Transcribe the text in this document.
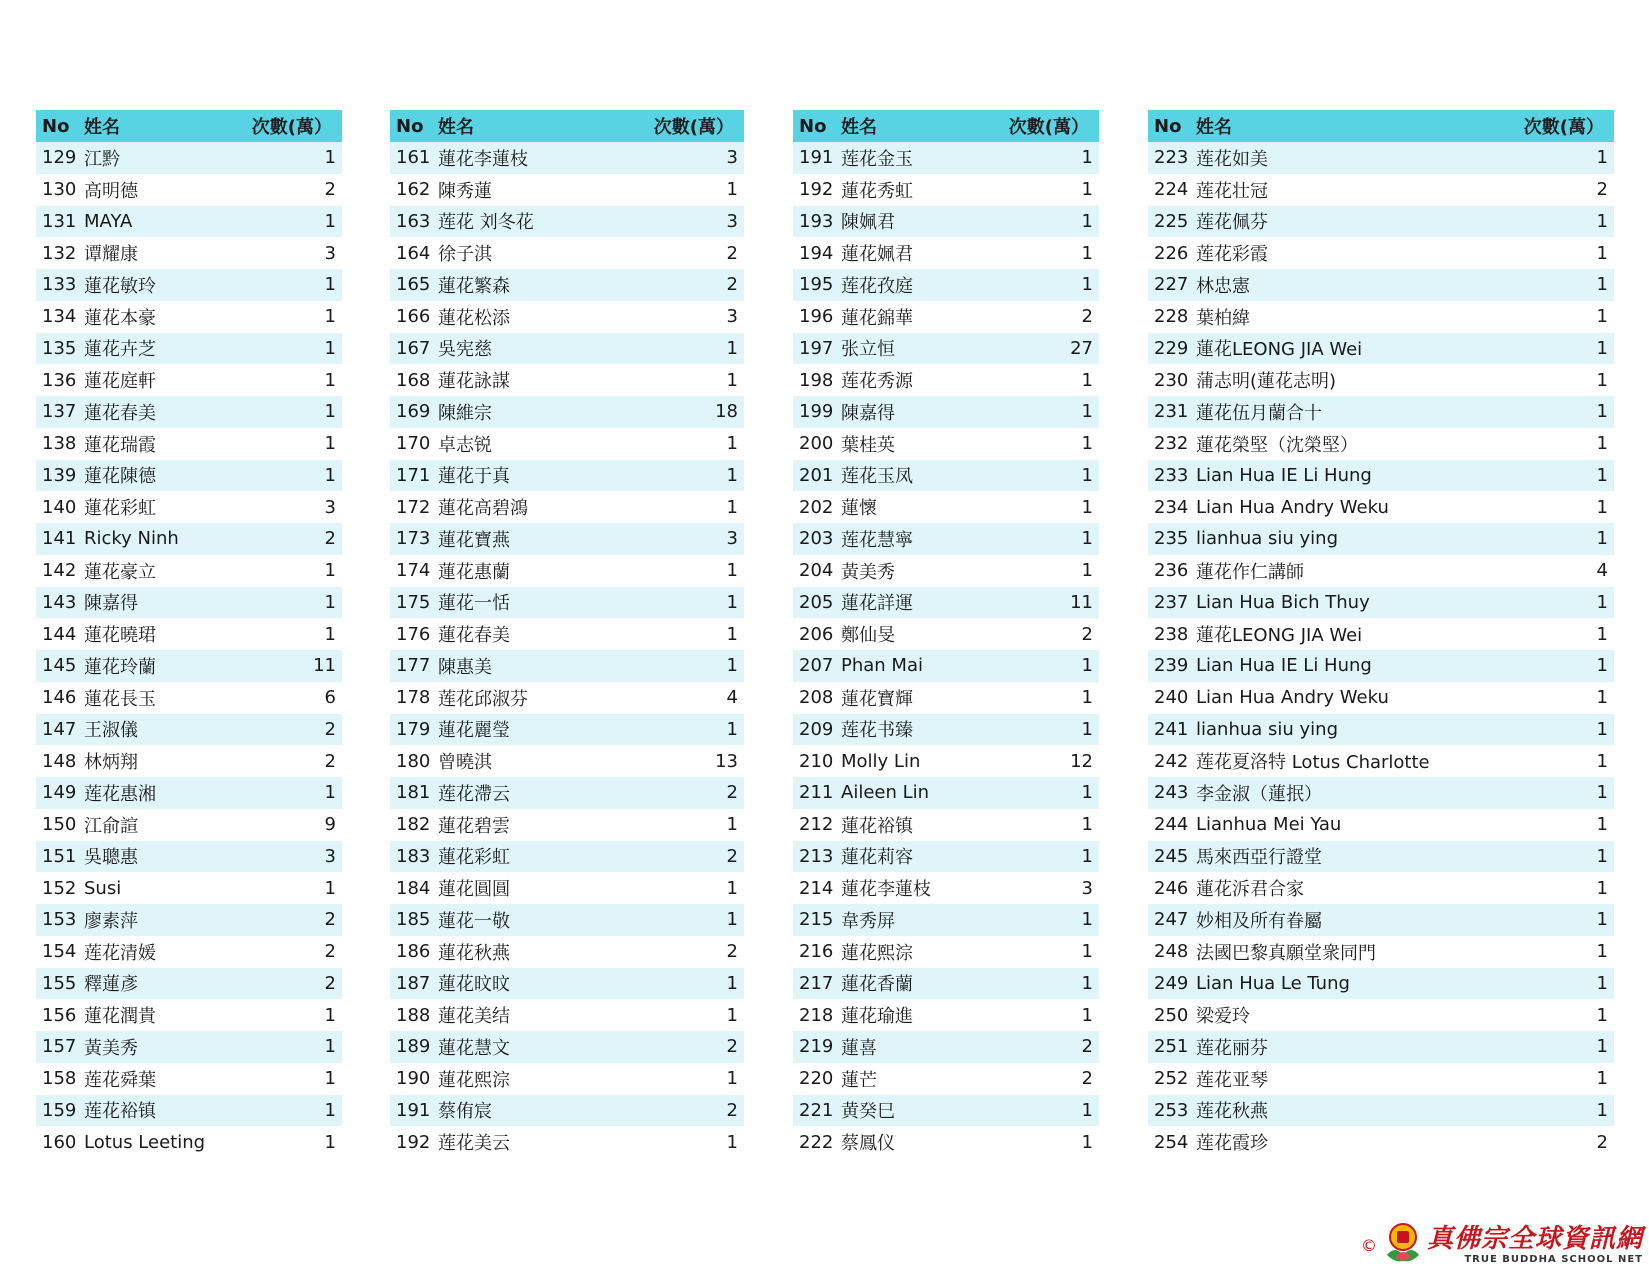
No	姓名	次數(萬）
129	江黔	1
130	高明德	2
131	MAYA	1
132	谭耀康	3
133	蓮花敏玲	1
134	蓮花本豪	1
135	蓮花卉芝	1
136	蓮花庭軒	1
137	蓮花春美	1
138	蓮花瑞霞	1
139	蓮花陳德	1
140	蓮花彩虹	3
141	Ricky Ninh	2
142	蓮花豪立	1
143	陳嘉得	1
144	蓮花曉珺	1
145	蓮花玲蘭	11
146	蓮花長玉	6
147	王淑儀	2
148	林炳翔	2
149	莲花惠湘	1
150	江俞諠	9
151	吳聰惠	3
152	Susi	1
153	廖素萍	2
154	莲花清媛	2
155	釋蓮彥	2
156	蓮花潤貴	1
157	黃美秀	1
158	莲花舜葉	1
159	莲花裕镇	1
160	Lotus Leeting	1
No	姓名	次數(萬）
161	蓮花李蓮枝	3
162	陳秀蓮	1
163	莲花 刘冬花	3
164	徐子淇	2
165	蓮花繁森	2
166	蓮花松添	3
167	吳宪慈	1
168	蓮花詠謀	1
169	陳維宗	18
170	卓志锐	1
171	蓮花于真	1
172	蓮花高碧鴻	1
173	蓮花寶燕	3
174	蓮花惠蘭	1
175	蓮花一恬	1
176	蓮花春美	1
177	陳惠美	1
178	莲花邱淑芬	4
179	蓮花麗瑩	1
180	曾曉淇	13
181	莲花滯云	2
182	蓮花碧雲	1
183	蓮花彩虹	2
184	蓮花圓圓	1
185	蓮花一敬	1
186	蓮花秋燕	2
187	蓮花旼旼	1
188	蓮花美结	1
189	蓮花慧文	2
190	蓮花熙淙	1
191	蔡侑宸	2
192	莲花美云	1
No	姓名	次數(萬）
191	莲花金玉	1
192	蓮花秀虹	1
193	陳姵君	1
194	蓮花姵君	1
195	莲花孜庭	1
196	蓮花錦華	2
197	张立恒	27
198	莲花秀源	1
199	陳嘉得	1
200	葉桂英	1
201	莲花玉凤	1
202	蓮懷	1
203	莲花慧寧	1
204	黃美秀	1
205	蓮花詳運	11
206	鄭仙旻	2
207	Phan Mai	1
208	蓮花寶輝	1
209	莲花书臻	1
210	Molly Lin	12
211	Aileen Lin	1
212	蓮花裕镇	1
213	蓮花莉容	1
214	蓮花李蓮枝	3
215	韋秀屏	1
216	蓮花熙淙	1
217	蓮花香蘭	1
218	蓮花瑜進	1
219	蓮喜	2
220	蓮芒	2
221	黄癸巳	1
222	蔡鳳仪	1
No	姓名	次數(萬）
223	莲花如美	1
224	莲花壮冠	2
225	莲花佩芬	1
226	莲花彩霞	1
227	林忠憲	1
228	葉柏緯	1
229	蓮花LEONG JIA Wei	1
230	蒲志明(蓮花志明)	1
231	蓮花伍月蘭合十	1
232	蓮花榮堅（沈榮堅）	1
233	Lian Hua IE Li Hung	1
234	Lian Hua Andry Weku	1
235	lianhua siu ying	1
236	蓮花作仁講師	4
237	Lian Hua Bich Thuy	1
238	蓮花LEONG JIA Wei	1
239	Lian Hua IE Li Hung	1
240	Lian Hua Andry Weku	1
241	lianhua siu ying	1
242	莲花夏洛特 Lotus Charlotte	1
243	李金淑（蓮抿）	1
244	Lianhua Mei Yau	1
245	馬來西亞行證堂	1
246	蓮花泝君合家	1
247	妙相及所有眷屬	1
248	法國巴黎真願堂衆同門	1
249	Lian Hua Le Tung	1
250	梁爱玲	1
251	莲花丽芬	1
252	莲花亚琴	1
253	莲花秋燕	1
254	莲花霞珍	2
© 真佛宗全球資訊網
TRUE BUDDHA SCHOOL NET
